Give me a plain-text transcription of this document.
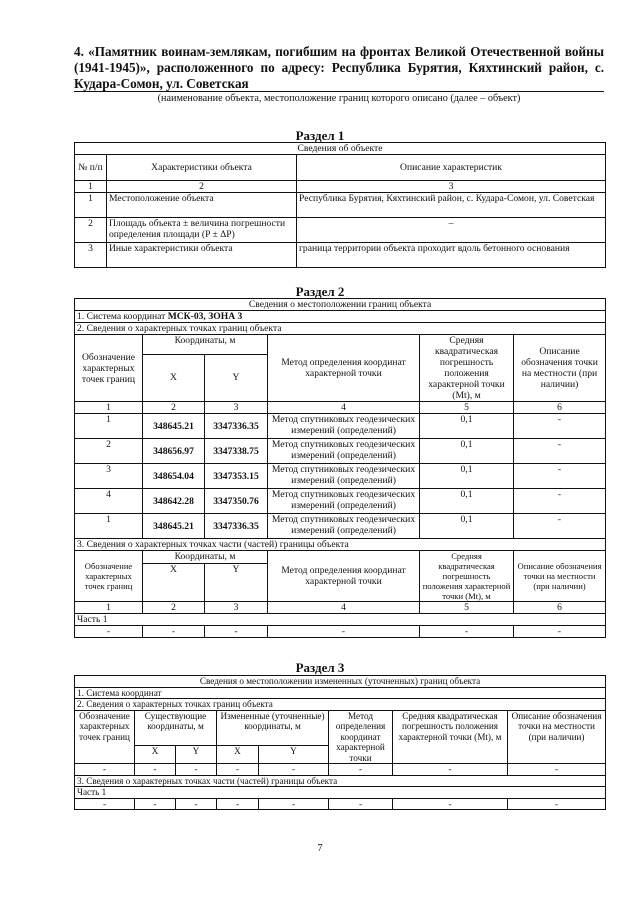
4. «Памятник воинам-землякам, погибшим на фронтах Великой Отечественной войны (1941-1945)», расположенного по адресу: Республика Бурятия, Кяхтинский район, с. Кудара-Сомон, ул. Советская
(наименование объекта, местоположение границ которого описано (далее – объект)
Раздел 1
Сведения об объекте		
№ п/п	Характеристики объекта	Описание характеристик
1	2	3
1	Местоположение объекта	Республика Бурятия, Кяхтинский район, с. Кудара-Сомон, ул. Советская
2	Площадь объекта ± величина погрешности определения площади (P ± ΔP)	–
3	Иные характеристики объекта	граница территории объекта проходит вдоль бетонного основания
Раздел 2
Сведения о местоположении границ объекта					
1. Система координат МСК-03, ЗОНА 3					
2. Сведения о характерных точках границ объекта					
Обозначение характерных точек границ	Координаты, м		Метод определения координат характерной точки	Средняя квадратическая погрешность положения характерной точки (Mt), м	Описание обозначения точки на местности (при наличии)
	X	Y			
1	2	3	4	5	6
1	348645.21	3347336.35	Метод спутниковых геодезических измерений (определений)	0,1	-
2	348656.97	3347338.75	Метод спутниковых геодезических измерений (определений)	0,1	-
3	348654.04	3347353.15	Метод спутниковых геодезических измерений (определений)	0,1	-
4	348642.28	3347350.76	Метод спутниковых геодезических измерений (определений)	0,1	-
1	348645.21	3347336.35	Метод спутниковых геодезических измерений (определений)	0,1	-
3. Сведения о характерных точках части (частей) границы объекта					
Обозначение характерных точек границ	Координаты, м		Метод определения координат характерной точки	Средняя квадратическая погрешность положения характерной точки (Mt), м	Описание обозначения точки на местности (при наличии)
	X	Y			
1	2	3	4	5	6
Часть 1					
-	-	-	-	-	-
Раздел 3
Сведения о местоположении измененных (уточненных) границ объекта							
1. Система координат							
2. Сведения о характерных точках границ объекта							
Обозначение характерных точек границ	Существующие координаты, м		Измененные (уточненные) координаты, м		Метод определения координат характерной точки	Средняя квадратическая погрешность положения характерной точки (Mt), м	Описание обозначения точки на местности (при наличии)
	X	Y	X	Y			
-	-	-	-	-	-	-	-
3. Сведения о характерных точках части (частей) границы объекта							
Часть 1							
-	-	-	-	-	-	-	-
7
